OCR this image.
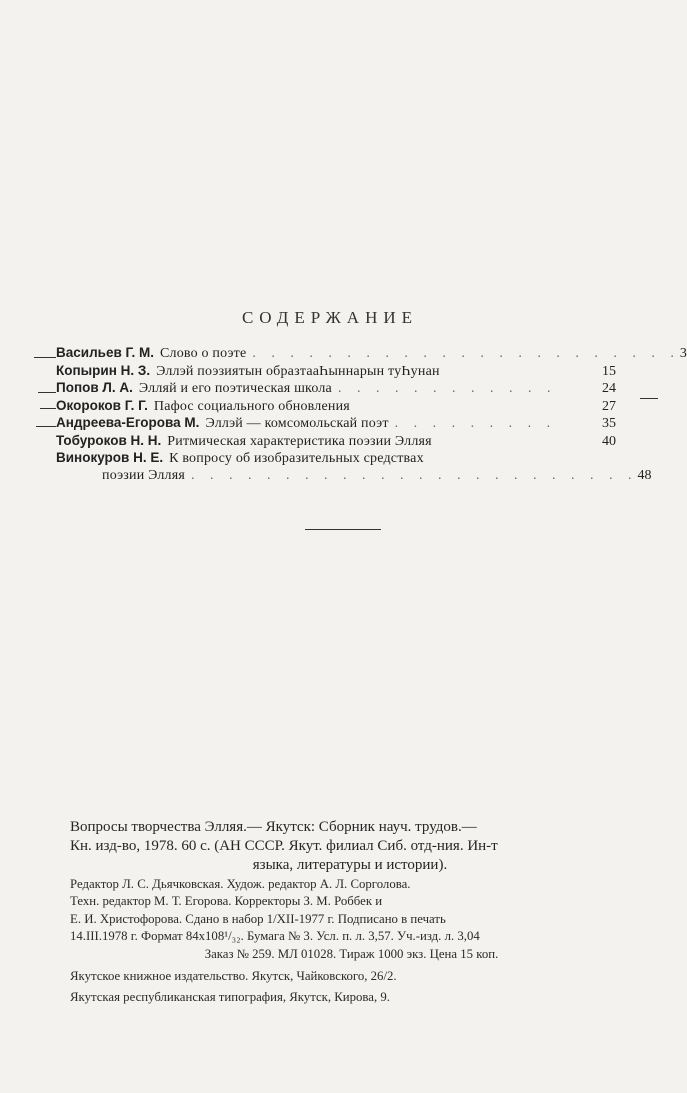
СОДЕРЖАНИЕ
Васильев Г. М. Слово о поэте . . . . . . . . . . . . . . . . . . . . . . . 3
Копырин Н. З. Эллэй поэзиятын образтааҺыннарын туҺунан	15
Попов Л. А. Элляй и его поэтическая школа . . . . . . . . . . . .	24
Окороков Г. Г. Пафос социального обновления	27
Андреева-Егорова М. Эллэй — комсомольскай поэт . . . . . . . . .	35
Тобуроков Н. Н. Ритмическая характеристика поэзии Элляя	40
Винокуров Н. Е. К вопросу об изобразительных средствах
поэзии Элляя . . . . . . . . . . . . . . . . . . . . . . . . 48
Вопросы творчества Элляя.— Якутск: Сборник науч. трудов.—
Кн. изд-во, 1978. 60 с. (АН СССР. Якут. филиал Сиб. отд-ния. Ин-т
языка, литературы и истории).
Редактор Л. С. Дьячковская. Худож. редактор А. Л. Сорголова.
Техн. редактор М. Т. Егорова. Корректоры З. М. Роббек и
Е. И. Христофорова. Сдано в набор 1/XII-1977 г. Подписано в печать
14.III.1978 г. Формат 84х108¹/₃₂. Бумага № 3. Усл. п. л. 3,57. Уч.-изд. л. 3,04
Заказ № 259. МЛ 01028. Тираж 1000 экз. Цена 15 коп.
Якутское книжное издательство. Якутск, Чайковского, 26/2.
Якутская республиканская типография, Якутск, Кирова, 9.
